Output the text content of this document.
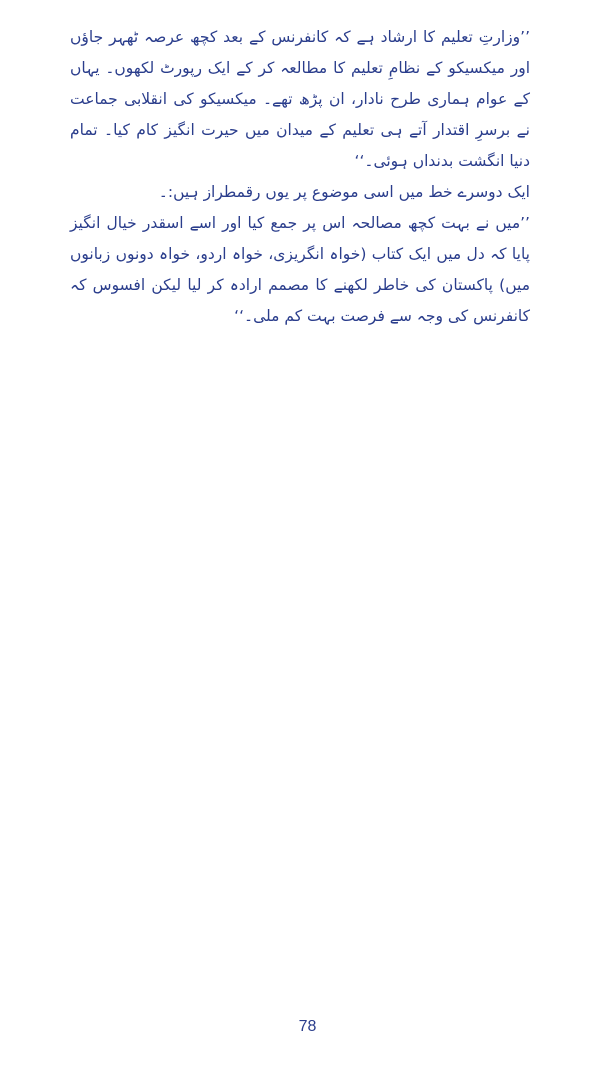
’’وزارتِ تعلیم کا ارشاد ہے کہ کانفرنس کے بعد کچھ عرصہ ٹھہر جاؤں اور میکسیکو کے نظامِ تعلیم کا مطالعہ کر کے ایک رپورٹ لکھوں۔ یہاں کے عوام ہماری طرح نادار، ان پڑھ تھے۔ میکسیکو کی انقلابی جماعت نے برسرِ اقتدار آتے ہی تعلیم کے میدان میں حیرت انگیز کام کیا۔ تمام دنیا انگشت بدنداں ہوئی۔‘‘

ایک دوسرے خط میں اسی موضوع پر یوں رقمطراز ہیں:۔

’’میں نے بہت کچھ مصالحہ اس پر جمع کیا اور اسے اسقدر خیال انگیز پایا کہ دل میں ایک کتاب (خواہ انگریزی، خواہ اردو، خواہ دونوں زبانوں میں) پاکستان کی خاطر لکھنے کا مصمم ارادہ کر لیا لیکن افسوس کہ کانفرنس کی وجہ سے فرصت بہت کم ملی۔‘‘

78
